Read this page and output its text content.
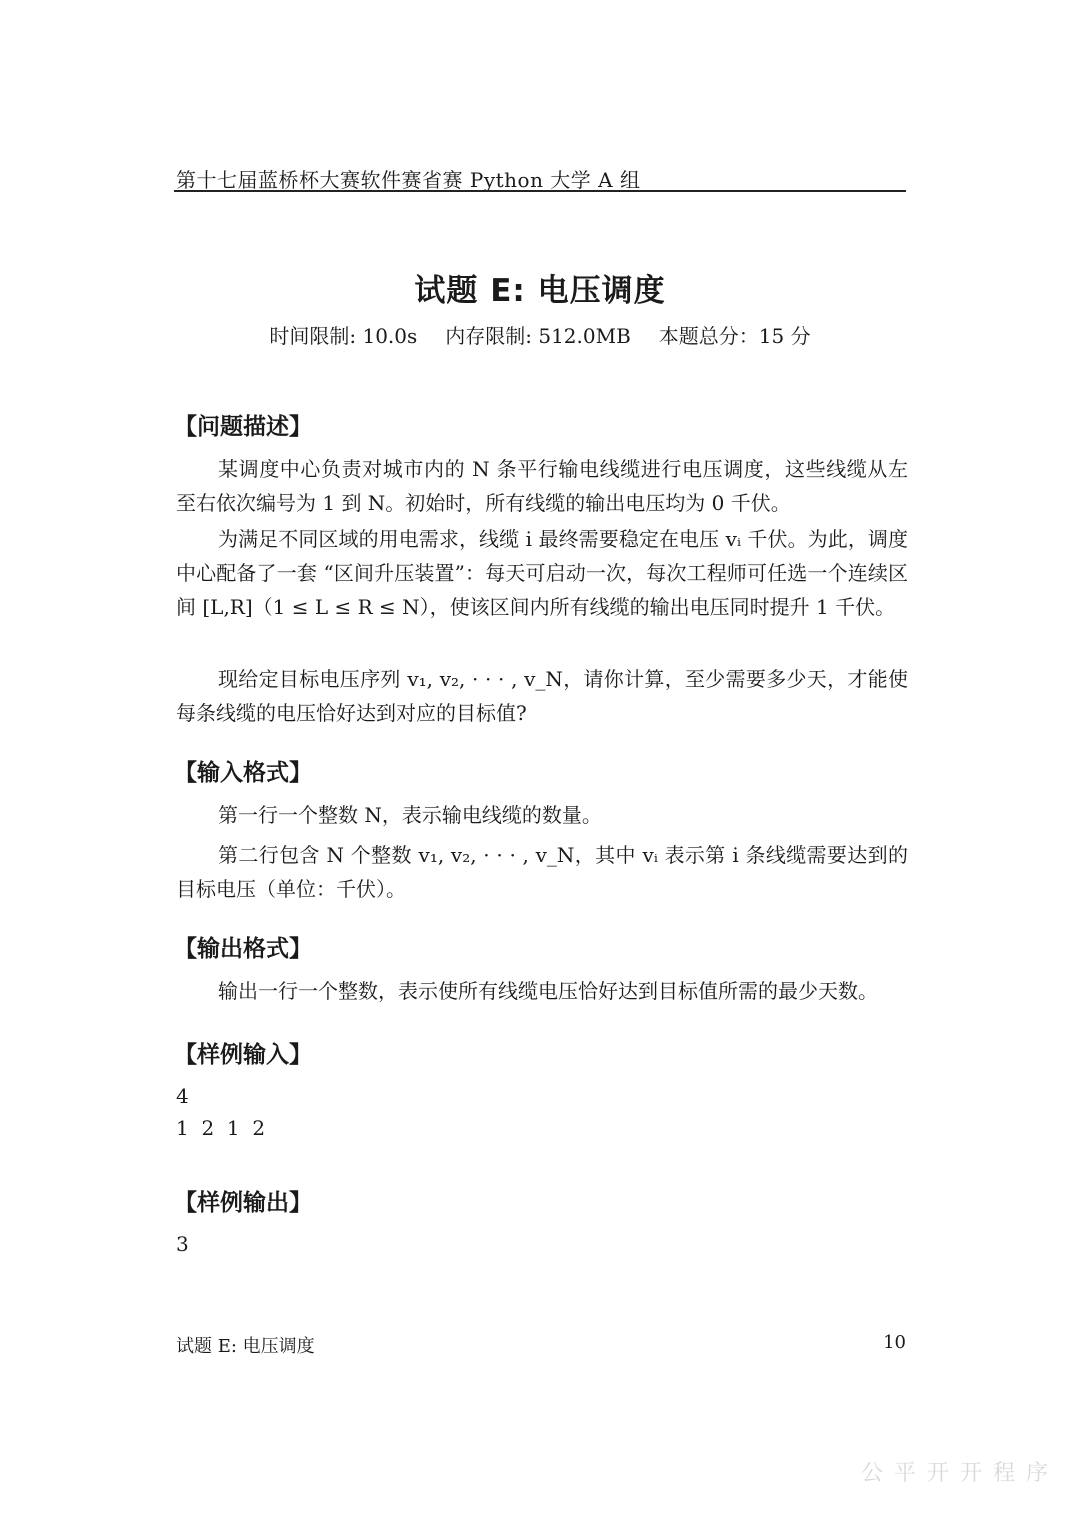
第十七届蓝桥杯大赛软件赛省赛 Python 大学 A 组
试题 E: 电压调度
时间限制: 10.0s 内存限制: 512.0MB 本题总分：15 分
【问题描述】
某调度中心负责对城市内的 N 条平行输电线缆进行电压调度，这些线缆从左至右依次编号为 1 到 N。初始时，所有线缆的输出电压均为 0 千伏。
为满足不同区域的用电需求，线缆 i 最终需要稳定在电压 vᵢ 千伏。为此，调度中心配备了一套 “区间升压装置”：每天可启动一次，每次工程师可任选一个连续区间 [L,R]（1 ≤ L ≤ R ≤ N），使该区间内所有线缆的输出电压同时提升 1 千伏。
现给定目标电压序列 v₁, v₂, · · · , v_N，请你计算，至少需要多少天，才能使每条线缆的电压恰好达到对应的目标值?
【输入格式】
第一行一个整数 N，表示输电线缆的数量。
第二行包含 N 个整数 v₁, v₂, · · · , v_N，其中 vᵢ 表示第 i 条线缆需要达到的目标电压（单位：千伏）。
【输出格式】
输出一行一个整数，表示使所有线缆电压恰好达到目标值所需的最少天数。
【样例输入】
4
1  2  1  2
【样例输出】
3
试题 E: 电压调度	10
公 平 开 开 程 序
